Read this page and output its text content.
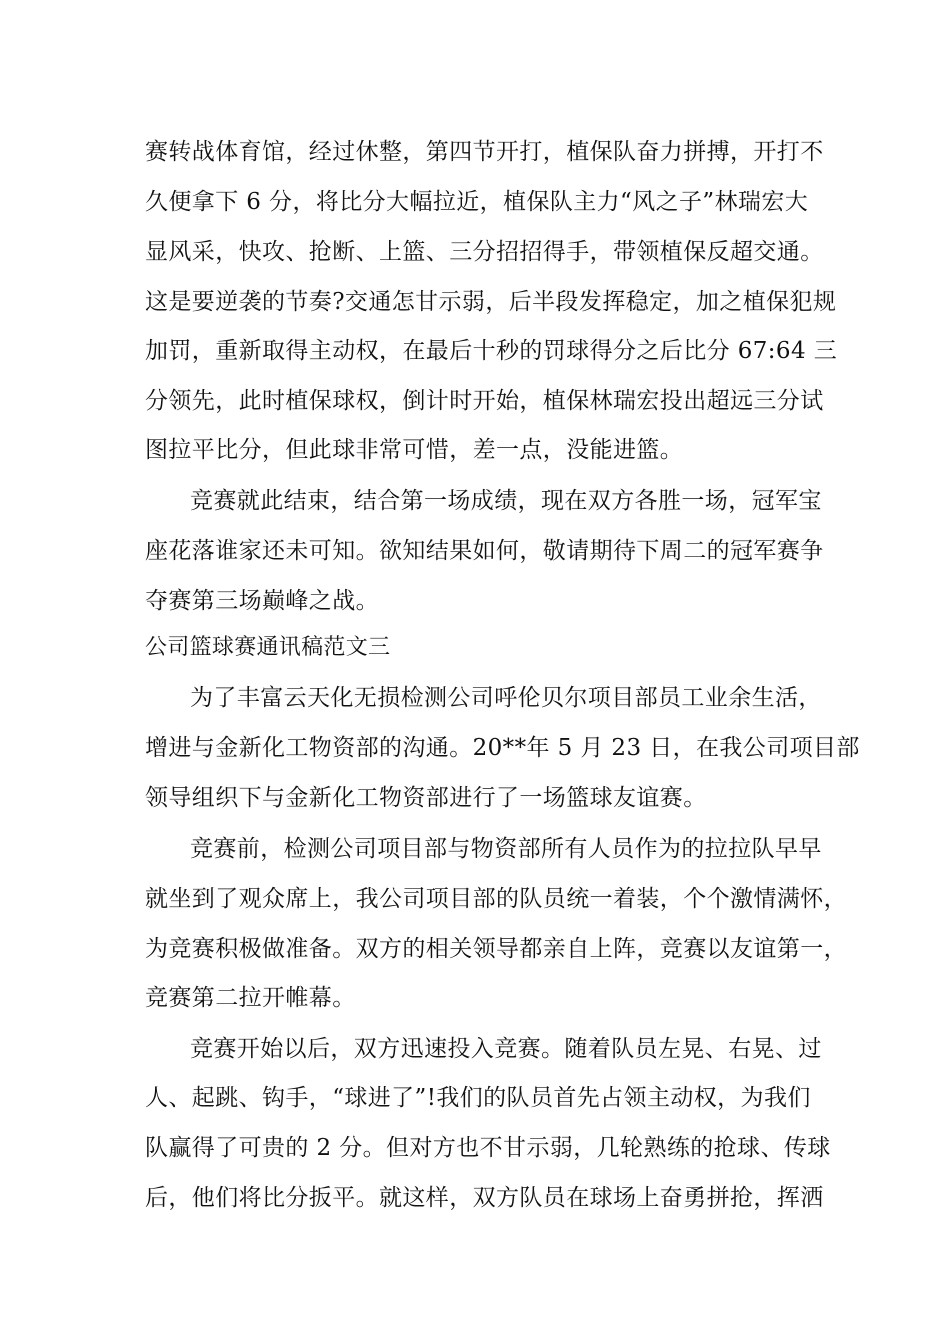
赛转战体育馆，经过休整，第四节开打，植保队奋力拼搏，开打不

久便拿下 6 分，将比分大幅拉近，植保队主力“风之子”林瑞宏大

显风采，快攻、抢断、上篮、三分招招得手，带领植保反超交通。

这是要逆袭的节奏?交通怎甘示弱，后半段发挥稳定，加之植保犯规

加罚，重新取得主动权，在最后十秒的罚球得分之后比分 67:64 三

分领先，此时植保球权，倒计时开始，植保林瑞宏投出超远三分试

图拉平比分，但此球非常可惜，差一点，没能进篮。

竞赛就此结束，结合第一场成绩，现在双方各胜一场，冠军宝

座花落谁家还未可知。欲知结果如何，敬请期待下周二的冠军赛争

夺赛第三场巅峰之战。

公司篮球赛通讯稿范文三

为了丰富云天化无损检测公司呼伦贝尔项目部员工业余生活，

增进与金新化工物资部的沟通。20**年 5 月 23 日，在我公司项目部

领导组织下与金新化工物资部进行了一场篮球友谊赛。

竞赛前，检测公司项目部与物资部所有人员作为的拉拉队早早

就坐到了观众席上，我公司项目部的队员统一着装，个个激情满怀，

为竞赛积极做准备。双方的相关领导都亲自上阵，竞赛以友谊第一，

竞赛第二拉开帷幕。

竞赛开始以后，双方迅速投入竞赛。随着队员左晃、右晃、过

人、起跳、钩手，“球进了”!我们的队员首先占领主动权，为我们

队赢得了可贵的 2 分。但对方也不甘示弱，几轮熟练的抢球、传球

后，他们将比分扳平。就这样，双方队员在球场上奋勇拼抢，挥洒
